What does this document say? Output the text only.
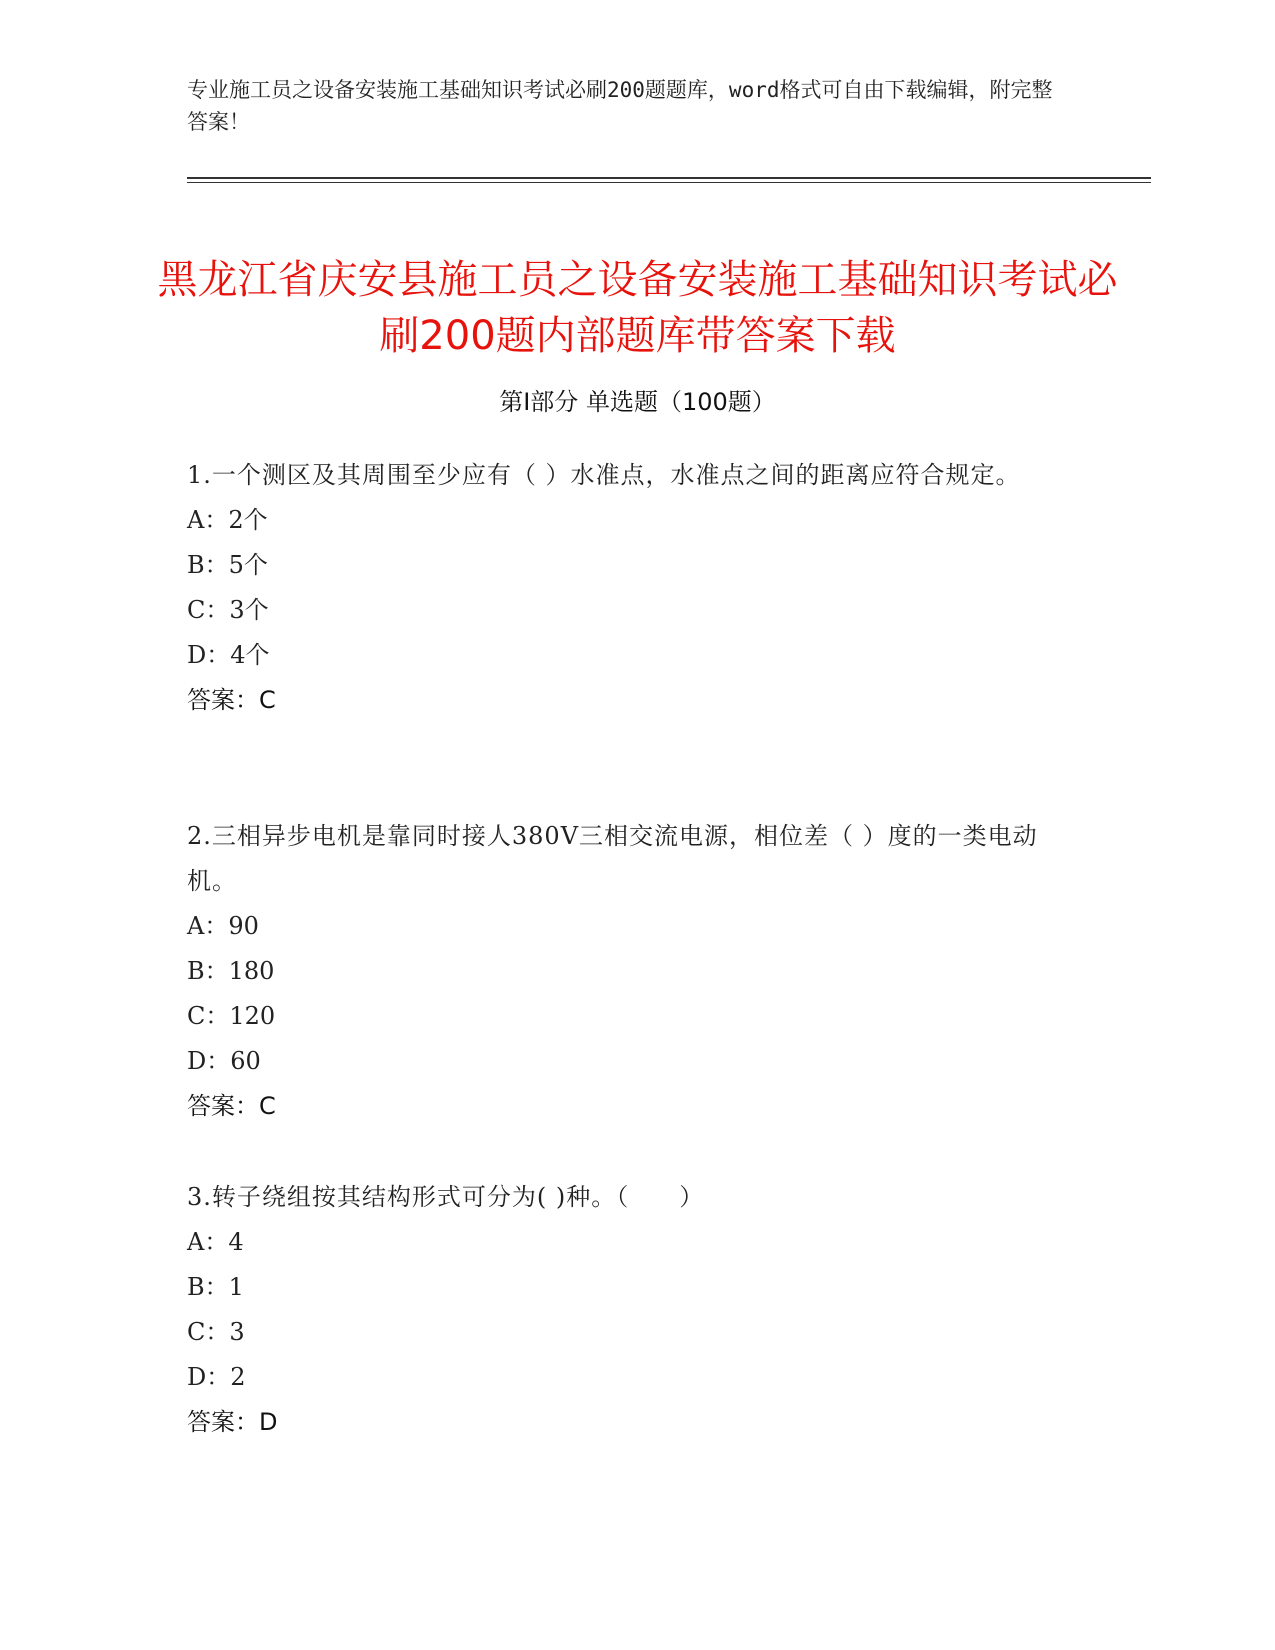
专业施工员之设备安装施工基础知识考试必刷200题题库，word格式可自由下载编辑，附完整答案！
黑龙江省庆安县施工员之设备安装施工基础知识考试必刷200题内部题库带答案下载
第I部分 单选题（100题）

1.一个测区及其周围至少应有（ ）水准点，水准点之间的距离应符合规定。

A：2个

B：5个

C：3个

D：4个

答案：C

2.三相异步电机是靠同时接人380V三相交流电源，相位差（ ）度的一类电动机。

A：90

B：180

C：120

D：60

答案：C

3.转子绕组按其结构形式可分为( )种。（　　）

A：4

B：1

C：3

D：2

答案：D
